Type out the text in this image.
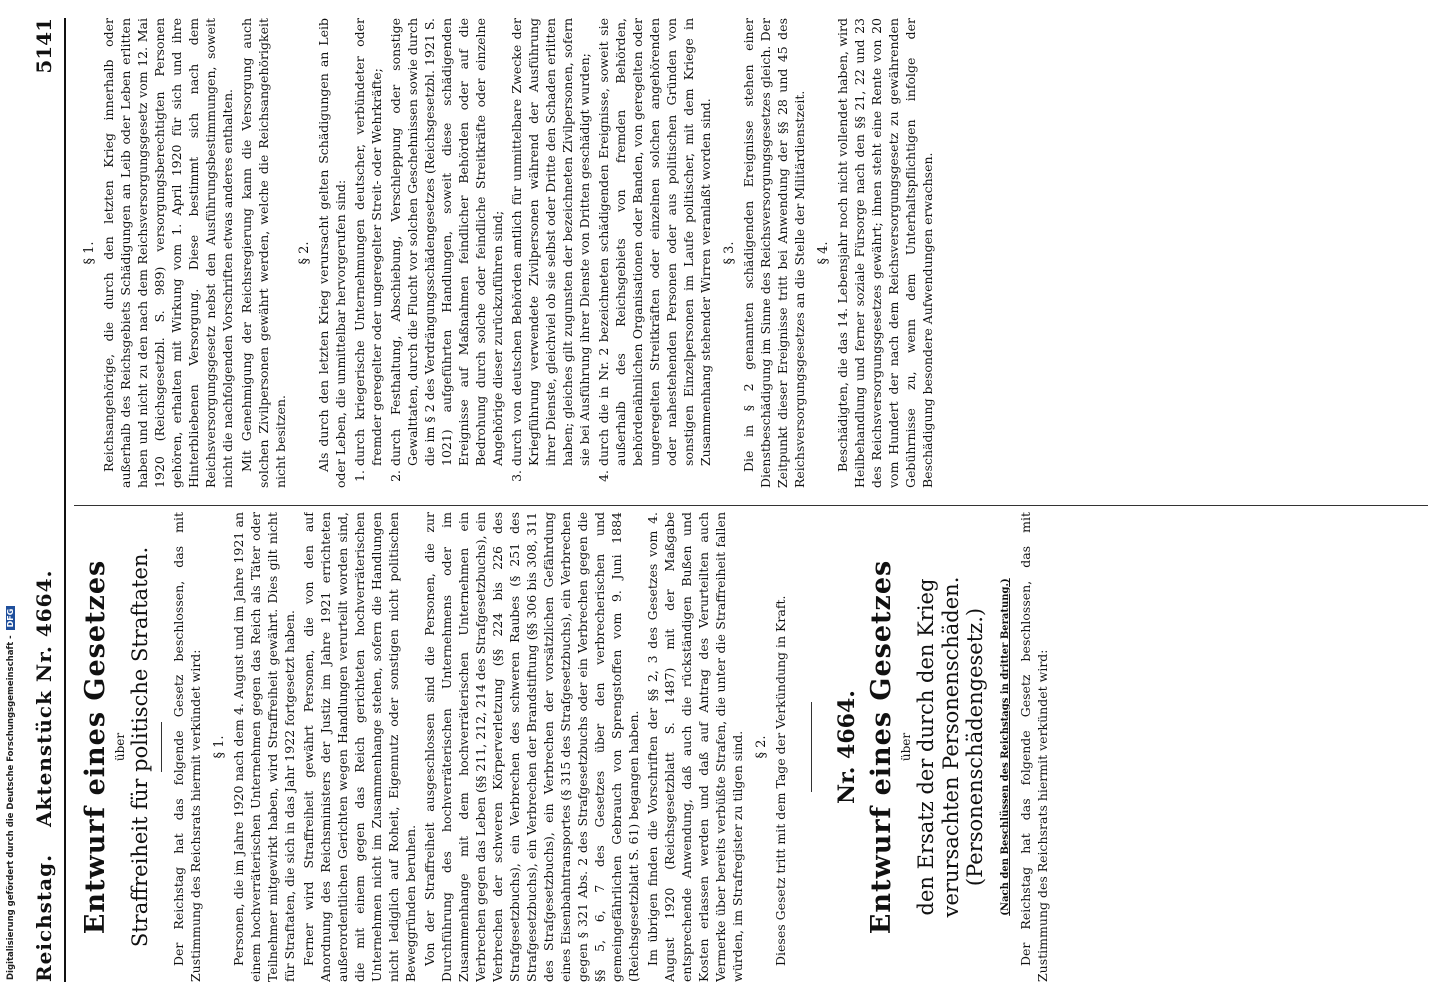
Digitalisierung gefördert durch die Deutsche Forschungsgemeinschaft - DFG
Reichstag.
Aktenstück Nr. 4664.
5141
Entwurf eines Gesetzes über Straffreiheit für politische Straftaten. Der Reichstag hat das folgende Gesetz beschlossen, das mit Zustimmung des Reichsrats hiermit verkündet wird: § 1. Personen, die im Jahre 1920 nach dem 4. August und im Jahre 1921 an einem hochverräterischen Unternehmen gegen das Reich als Täter oder Teilnehmer mitgewirkt haben, wird Straffreiheit gewährt. Dies gilt nicht für Straftaten, die sich in das Jahr 1922 fortgesetzt haben. Ferner wird Straffreiheit gewährt Personen, die von den auf Anordnung des Reichsministers der Justiz im Jahre 1921 errichteten außerordentlichen Gerichten wegen Handlungen verurteilt worden sind, die mit einem gegen das Reich gerichteten hochverräterischen Unternehmen nicht im Zusammenhange stehen, sofern die Handlungen nicht lediglich auf Roheit, Eigennutz oder sonstigen nicht politischen Beweggründen beruhen. Von der Straffreiheit ausgeschlossen sind die Personen, die zur Durchführung des hochverräterischen Unternehmens oder im Zusammenhange mit dem hochverräterischen Unternehmen ein Verbrechen gegen das Leben (§§ 211, 212, 214 des Strafgesetzbuchs), ein Verbrechen der schweren Körperverletzung (§§ 224 bis 226 des Strafgesetzbuchs), ein Verbrechen des schweren Raubes (§ 251 des Strafgesetzbuchs), ein Verbrechen der Brandstiftung (§§ 306 bis 308, 311 des Strafgesetzbuchs), ein Verbrechen der vorsätzlichen Gefährdung eines Eisenbahntransportes (§ 315 des Strafgesetzbuchs), ein Verbrechen gegen § 321 Abs. 2 des Strafgesetzbuchs oder ein Verbrechen gegen die §§ 5, 6, 7 des Gesetzes über den verbrecherischen und gemeingefährlichen Gebrauch von Sprengstoffen vom 9. Juni 1884 (Reichsgesetzblatt S. 61) begangen haben. Im übrigen finden die Vorschriften der §§ 2, 3 des Gesetzes vom 4. August 1920 (Reichsgesetzblatt S. 1487) mit der Maßgabe entsprechende Anwendung, daß auch die rückständigen Bußen und Kosten erlassen werden und daß auf Antrag des Verurteilten auch Vermerke über bereits verbüßte Strafen, die unter die Straffreiheit fallen würden, im Strafregister zu tilgen sind. § 2. Dieses Gesetz tritt mit dem Tage der Verkündung in Kraft. Nr. 4664. Entwurf eines Gesetzes über den Ersatz der durch den Krieg verursachten Personenschäden. (Personenschädengesetz.) (Nach den Beschlüssen des Reichstags in dritter Beratung.) Der Reichstag hat das folgende Gesetz beschlossen, das mit Zustimmung des Reichsrats hiermit verkündet wird:

§ 1. Reichsangehörige, die durch den letzten Krieg innerhalb oder außerhalb des Reichsgebiets Schädigungen an Leib oder Leben erlitten haben und nicht zu den nach dem Reichsversorgungsgesetz vom 12. Mai 1920 (Reichsgesetzbl. S. 989) versorgungsberechtigten Personen gehören, erhalten mit Wirkung vom 1. April 1920 für sich und ihre Hinterbliebenen Versorgung. Diese bestimmt sich nach dem Reichsversorgungsgesetz nebst den Ausführungsbestimmungen, soweit nicht die nachfolgenden Vorschriften etwas anderes enthalten. Mit Genehmigung der Reichsregierung kann die Versorgung auch solchen Zivilpersonen gewährt werden, welche die Reichsangehörigkeit nicht besitzen.

§ 2. Als durch den letzten Krieg verursacht gelten Schädigungen an Leib oder Leben, die unmittelbar hervorgerufen sind: 1. durch kriegerische Unternehmungen deutscher, verbündeter oder fremder geregelter oder ungeregelter Streit- oder Wehrkräfte; 2. durch Festhaltung, Abschiebung, Verschleppung oder sonstige Gewalttaten, durch die Flucht vor solchen Geschehnissen sowie durch die im § 2 des Verdrängungsschädengesetzes (Reichsgesetzbl. 1921 S. 1021) aufgeführten Handlungen, soweit diese schädigenden Ereignisse auf Maßnahmen feindlicher Behörden oder auf die Bedrohung durch solche oder feindliche Streitkräfte oder einzelne Angehörige dieser zurückzuführen sind; 3. durch von deutschen Behörden amtlich für unmittelbare Zwecke der Kriegführung verwendete Zivilpersonen während der Ausführung ihrer Dienste, gleichviel ob sie selbst oder Dritte den Schaden erlitten haben; gleiches gilt zugunsten der bezeichneten Zivilpersonen, sofern sie bei Ausführung ihrer Dienste von Dritten geschädigt wurden; 4. durch die in Nr. 2 bezeichneten schädigenden Ereignisse, soweit sie außerhalb des Reichsgebiets von fremden Behörden, behördenähnlichen Organisationen oder Banden, von geregelten oder ungeregelten Streitkräften oder einzelnen solchen angehörenden oder nahestehenden Personen oder aus politischen Gründen von sonstigen Einzelpersonen im Laufe politischer, mit dem Kriege in Zusammenhang stehender Wirren veranlaßt worden sind. § 3. Die in § 2 genannten schädigenden Ereignisse stehen einer Dienstbeschädigung im Sinne des Reichsversorgungsgesetzes gleich. Der Zeitpunkt dieser Ereignisse tritt bei Anwendung der §§ 28 und 45 des Reichsversorgungsgesetzes an die Stelle der Militärdienstzeit. § 4. Beschädigten, die das 14. Lebensjahr noch nicht vollendet haben, wird Heilbehandlung und ferner soziale Fürsorge nach den §§ 21, 22 und 23 des Reichsversorgungsgesetzes gewährt; ihnen steht eine Rente von 20 vom Hundert der nach dem Reichsversorgungsgesetz zu gewährenden Gebührnisse zu, wenn dem Unterhaltspflichtigen infolge der Beschädigung besondere Aufwendungen erwachsen.
